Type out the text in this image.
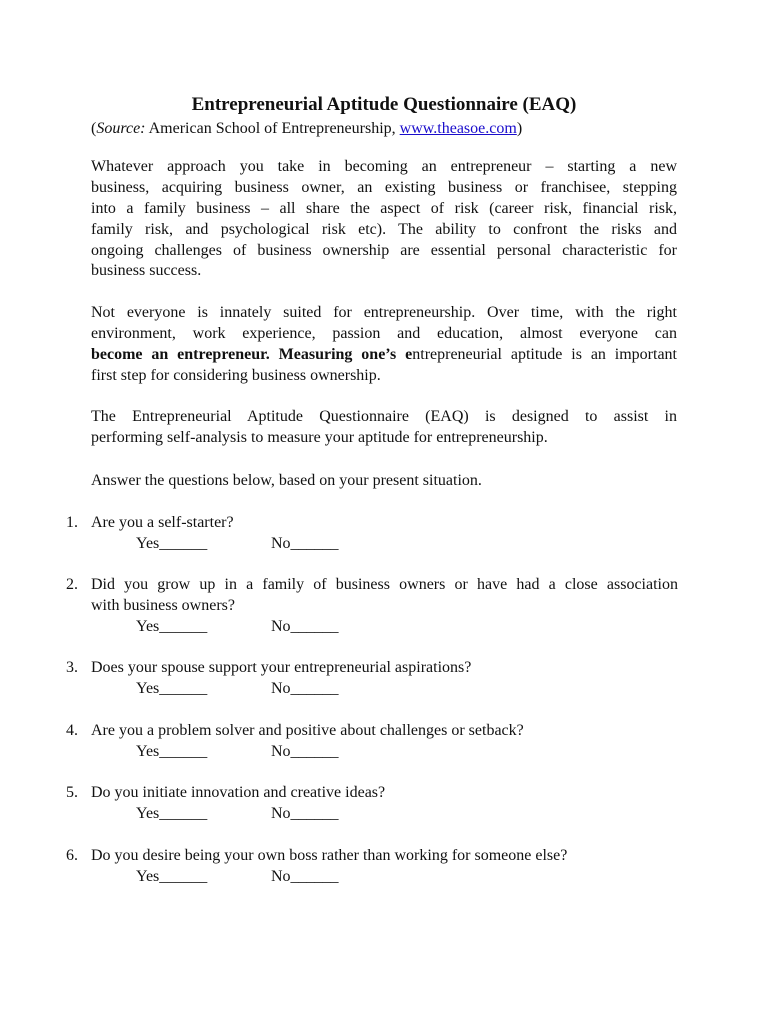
Entrepreneurial Aptitude Questionnaire (EAQ)
(Source: American School of Entrepreneurship, www.theasoe.com)
Whatever approach you take in becoming an entrepreneur – starting a new
business, acquiring business owner, an existing business or franchisee, stepping
into a family business – all share the aspect of risk (career risk, financial risk,
family risk, and psychological risk etc). The ability to confront the risks and
ongoing challenges of business ownership are essential personal characteristic for
business success.
Not everyone is innately suited for entrepreneurship. Over time, with the right
environment, work experience, passion and education, almost everyone can
become an entrepreneur. Measuring one’s entrepreneurial aptitude is an important
first step for considering business ownership.
The Entrepreneurial Aptitude Questionnaire (EAQ) is designed to assist in
performing self-analysis to measure your aptitude for entrepreneurship.
Answer the questions below, based on your present situation.
1. Are you a self-starter?
Yes______	No______
2. Did you grow up in a family of business owners or have had a close association
with business owners?
Yes______	No______
3. Does your spouse support your entrepreneurial aspirations?
Yes______	No______
4. Are you a problem solver and positive about challenges or setback?
Yes______	No______
5. Do you initiate innovation and creative ideas?
Yes______	No______
6. Do you desire being your own boss rather than working for someone else?
Yes______	No______
